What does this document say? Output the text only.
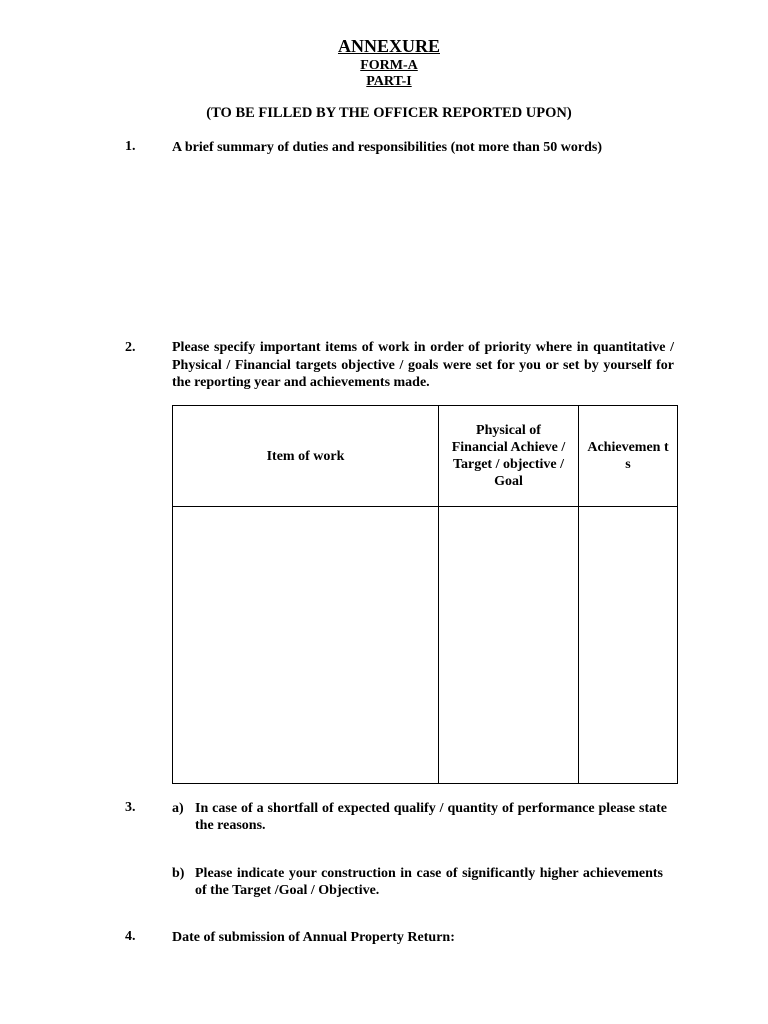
ANNEXURE
FORM-A
PART-I
(TO BE FILLED BY THE OFFICER REPORTED UPON)
1.	A brief summary of duties and responsibilities (not more than 50 words)
2.	Please specify important items of work in order of priority where in quantitative / Physical / Financial targets objective / goals were set for you or set by yourself for the reporting year and achievements made.
Item of work	Physical of Financial Achieve / Target / objective / Goal	Achievemen ts

3.	a) In case of a shortfall of expected qualify / quantity of performance please state the reasons.
b) Please indicate your construction in case of significantly higher achievements of the Target /Goal / Objective.
4.	Date of submission of Annual Property Return:
